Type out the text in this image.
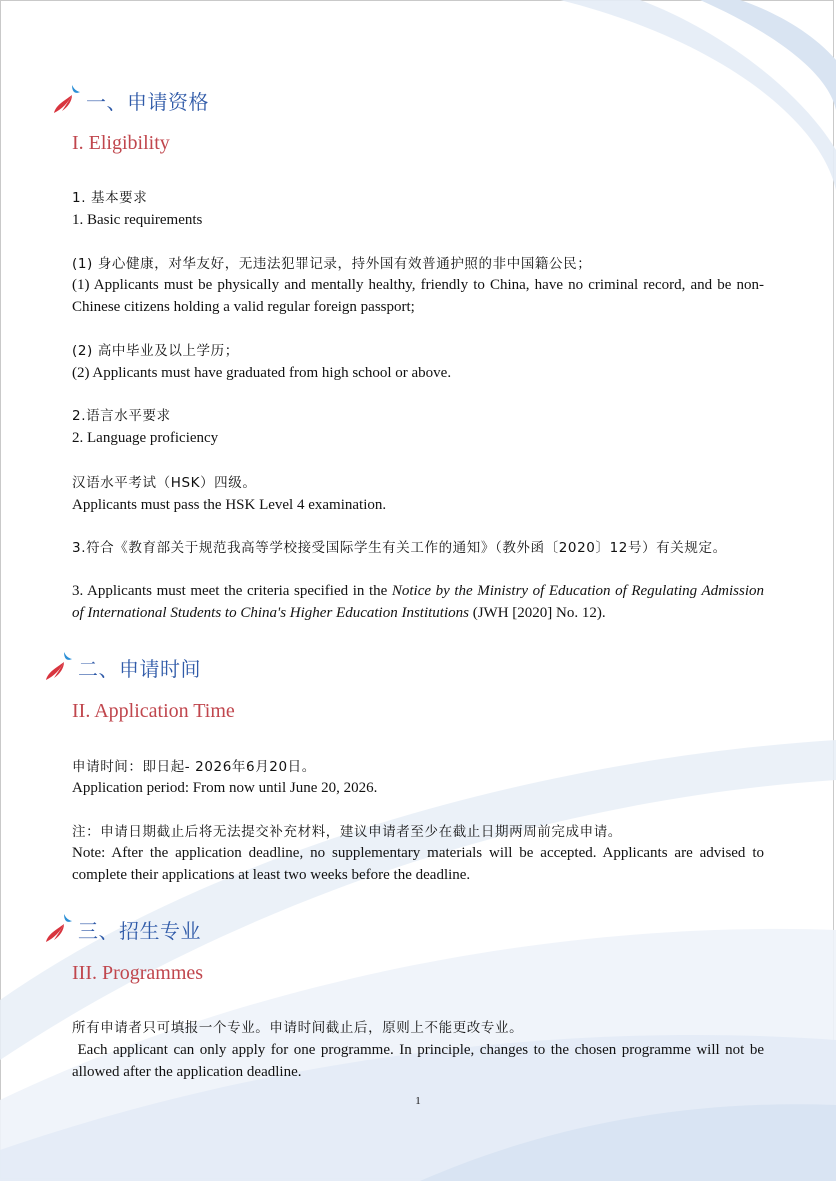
一、申请资格
I. Eligibility

1. 基本要求

1. Basic requirements

(1) 身心健康，对华友好，无违法犯罪记录，持外国有效普通护照的非中国籍公民；

(1) Applicants must be physically and mentally healthy, friendly to China, have no criminal record, and be non-Chinese citizens holding a valid regular foreign passport;

(2) 高中毕业及以上学历；

(2) Applicants must have graduated from high school or above.

2.语言水平要求

2. Language proficiency

汉语水平考试（HSK）四级。

Applicants must pass the HSK Level 4 examination.

3.符合《教育部关于规范我高等学校接受国际学生有关工作的通知》（教外函〔2020〕12号）有关规定。

3. Applicants must meet the criteria specified in the Notice by the Ministry of Education of Regulating Admission of International Students to China's Higher Education Institutions (JWH [2020] No. 12).

二、申请时间
II. Application Time

申请时间：即日起- 2026年6月20日。

Application period: From now until June 20, 2026.

注：申请日期截止后将无法提交补充材料，建议申请者至少在截止日期两周前完成申请。

Note: After the application deadline, no supplementary materials will be accepted. Applicants are advised to complete their applications at least two weeks before the deadline.

三、招生专业
III. Programmes

所有申请者只可填报一个专业。申请时间截止后，原则上不能更改专业。

Each applicant can only apply for one programme. In principle, changes to the chosen programme will not be allowed after the application deadline.

1
